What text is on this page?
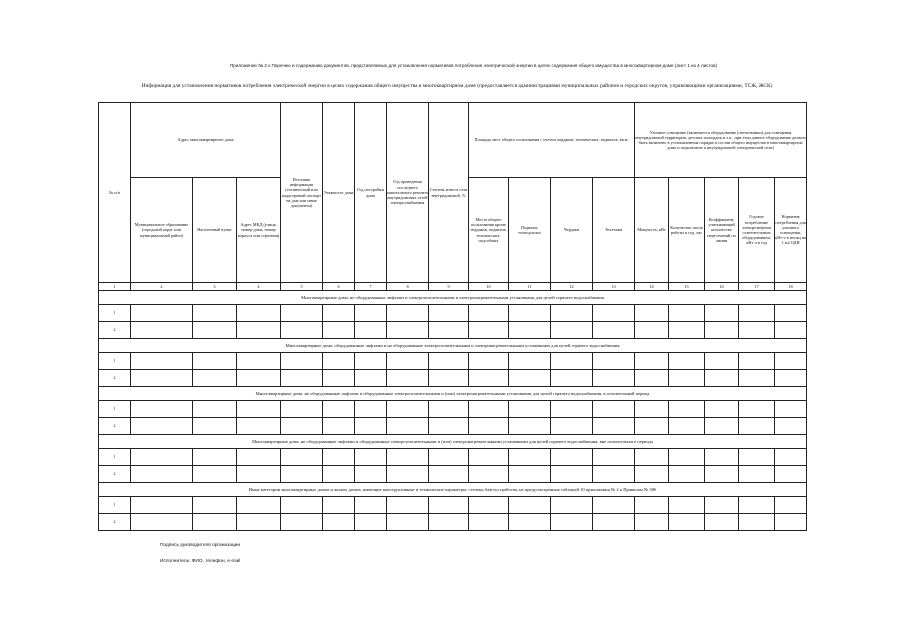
Приложение № 2 к Перечню и содержанию документов, представляемых для установления нормативов потребления электрической энергии в целях содержания общего имущества в многоквартирном доме (лист 1 из 4 листов)
Информация для установления нормативов потребления электрической энергии в целях содержания общего имущества в многоквартирном доме (предоставляется администрациями муниципальных районов и городских округов, управляющими организациями, ТСЖ, ЖСК)
№ п/п	Адрес многоквартирного дома			Источник информации (технический или кадастровый паспорт на дом или иные документы)	Этажность дома	Год постройки дома	Год проведения последнего капитального ремонта внутридомовых сетей электроснабжения	Степень износа сети внутридомовой, %	Площадь мест общего пользования с учетом чердаков, технических, подвалов, кв.м.				Уличное освещение (включается оборудование (светильники) для освещения внутридомовой территории, детских площадок и т.п., при этом данное оборудование должно быть включено в установленном порядке в состав общего имущества в многоквартирном доме и подключено к внутридомовой электрической сети)				
	Муниципальное образование (городской округ или муниципальный район)	Населенный пункт	Адрес МКД (улица, номер дома, номер корпуса или строения)						Места общего пользования кроме чердаков, подвалов, технических, подсобных	Подвалы, техподполье	Чердаки	Техэтажи	Мощность, кВт	Количество часов работы в год, час	Коэффициент, учитывающий количество пересечений по линии	Годовое потребление электроэнергии осветительным оборудованием, кВт·ч в год	Норматив потребления для уличного освещения, кВт·ч в месяц на 1 м2 ОДИ
1	2	3	4	5	6	7	8	9	10	11	12	13	14	15	16	17	18
Многоквартирные дома, не оборудованные лифтами и электроотопительными и электронагревательными установками для целей горячего водоснабжения																	
1																	
2																	
Многоквартирные дома, оборудованные лифтами и не оборудованные электроотопительными и электронагревательными установками для целей горячего водоснабжения																	
1																	
2																	
Многоквартирные дома, не оборудованные лифтами и оборудованные электроотопительными и (или) электронагревательными установками для целей горячего водоснабжения, в отопительный период																	
1																	
2																	
Многоквартирные дома, не оборудованные лифтами и оборудованные электроотопительными и (или) электронагревательными установками для целей горячего водоснабжения, вне отопительного периода																	
1																	
2																	
Иные категории многоквартирных домов и жилых домов, имеющие конструктивные и технические параметры, степень благоустройства, не предусмотренные таблицей 10 приложения № 2 к Правилам № 306																	
1																	
2																	
Подпись руководителя организации
Исполнитель: ФИО, телефон, e-mail
